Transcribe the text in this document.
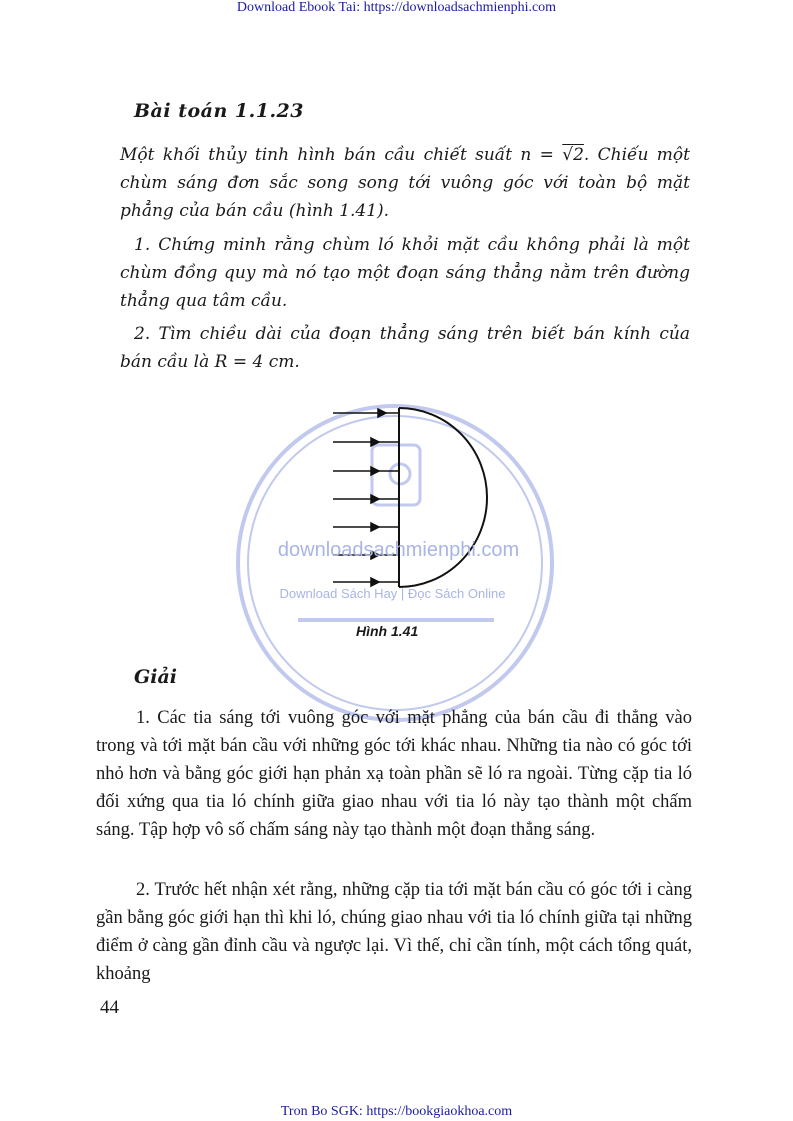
Download Ebook Tai: https://downloadsachmienphi.com
Bài toán 1.1.23

Một khối thủy tinh hình bán cầu chiết suất n = √2. Chiếu một chùm sáng đơn sắc song song tới vuông góc với toàn bộ mặt phẳng của bán cầu (hình 1.41).

1. Chứng minh rằng chùm ló khỏi mặt cầu không phải là một chùm đồng quy mà nó tạo một đoạn sáng thẳng nằm trên đường thẳng qua tâm cầu.

2. Tìm chiều dài của đoạn thẳng sáng trên biết bán kính của bán cầu là R = 4 cm.

downloadsachmienphi.com
Download Sách Hay | Đọc Sách Online
Hình 1.41
Giải

1. Các tia sáng tới vuông góc với mặt phẳng của bán cầu đi thẳng vào trong và tới mặt bán cầu với những góc tới khác nhau. Những tia nào có góc tới nhỏ hơn và bằng góc giới hạn phản xạ toàn phần sẽ ló ra ngoài. Từng cặp tia ló đối xứng qua tia ló chính giữa giao nhau với tia ló này tạo thành một chấm sáng. Tập hợp vô số chấm sáng này tạo thành một đoạn thẳng sáng.

2. Trước hết nhận xét rằng, những cặp tia tới mặt bán cầu có góc tới i càng gần bằng góc giới hạn thì khi ló, chúng giao nhau với tia ló chính giữa tại những điểm ở càng gần đỉnh cầu và ngược lại. Vì thế, chỉ cần tính, một cách tổng quát, khoảng

44
Tron Bo SGK: https://bookgiaokhoa.com
